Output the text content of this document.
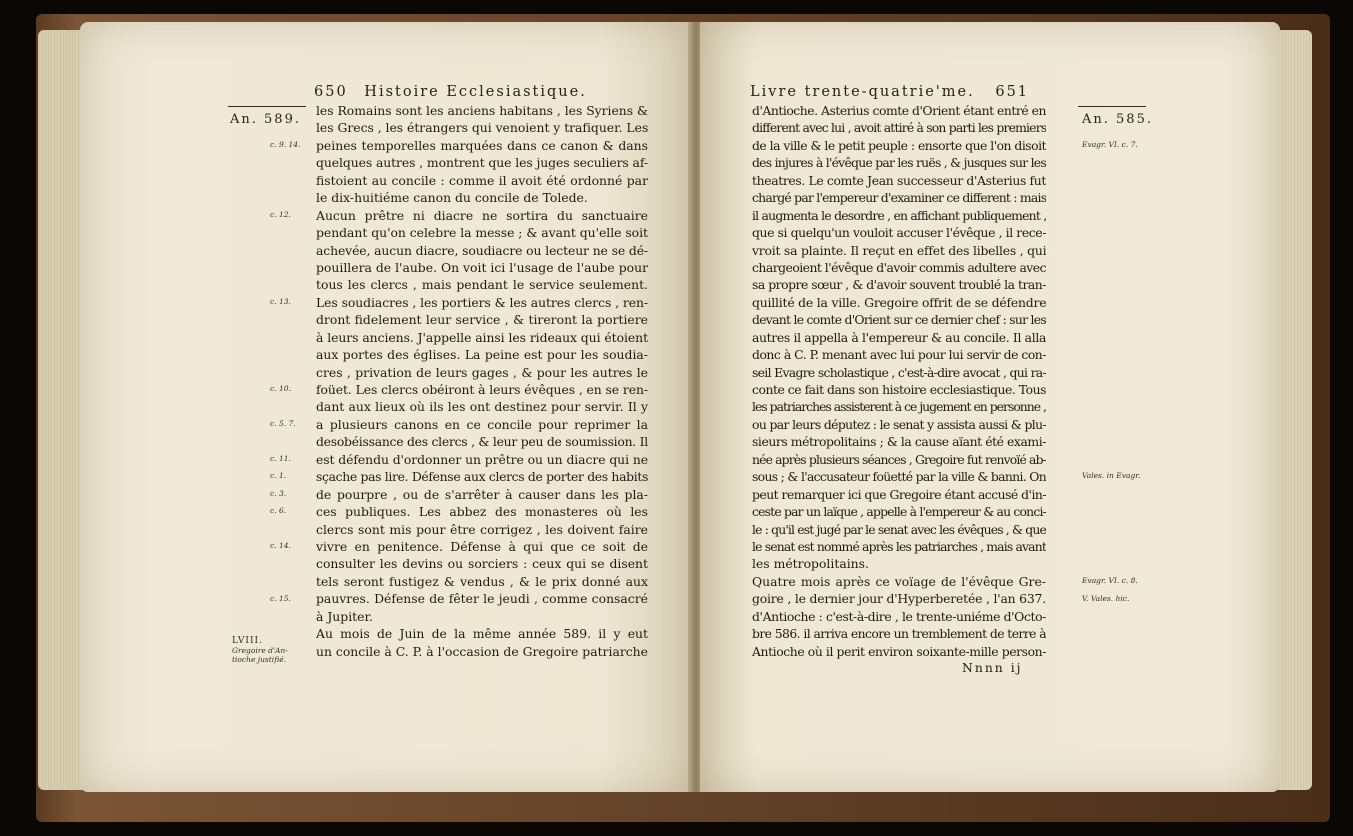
650 Histoire Ecclesiastique.
An. 589.
les Romains sont les anciens habitans , les Syriens &
les Grecs , les étrangers qui venoient y trafiquer. Les
peines temporelles marquées dans ce canon & dans
quelques autres , montrent que les juges seculiers af-
fistoient au concile : comme il avoit été ordonné par
le dix-huitiéme canon du concile de Tolede.
Aucun prêtre ni diacre ne sortira du sanctuaire
pendant qu'on celebre la messe ; & avant qu'elle soit
achevée, aucun diacre, soudiacre ou lecteur ne se dé-
pouillera de l'aube. On voit ici l'usage de l'aube pour
tous les clercs , mais pendant le service seulement.
Les soudiacres , les portiers & les autres clercs , ren-
dront fidelement leur service , & tireront la portiere
à leurs anciens. J'appelle ainsi les rideaux qui étoient
aux portes des églises. La peine est pour les soudia-
cres , privation de leurs gages , & pour les autres le
foüet. Les clercs obéiront à leurs évêques , en se ren-
dant aux lieux où ils les ont destinez pour servir. Il y
a plusieurs canons en ce concile pour reprimer la
desobéissance des clercs , & leur peu de soumission. Il
est défendu d'ordonner un prêtre ou un diacre qui ne
sçache pas lire. Défense aux clercs de porter des habits
de pourpre , ou de s'arrêter à causer dans les pla-
ces publiques. Les abbez des monasteres où les
clercs sont mis pour être corrigez , les doivent faire
vivre en penitence. Défense à qui que ce soit de
consulter les devins ou sorciers : ceux qui se disent
tels seront fustigez & vendus , & le prix donné aux
pauvres. Défense de fêter le jeudi , comme consacré
à Jupiter.
Au mois de Juin de la même année 589. il y eut
un concile à C. P. à l'occasion de Gregoire patriarche
c. 9. 14.
c. 12.
c. 13.
c. 10.
c. 5. 7.
c. 11.
c. 1.
c. 3.
c. 6.
c. 14.
c. 15.
LVIII.
Gregoire d'An-
tioche justifié.
Livre trente-quatrie'me. 651
An. 585.
d'Antioche. Asterius comte d'Orient étant entré en
different avec lui , avoit attiré à son parti les premiers
de la ville & le petit peuple : ensorte que l'on disoit
des injures à l'évêque par les ruës , & jusques sur les
theatres. Le comte Jean successeur d'Asterius fut
chargé par l'empereur d'examiner ce different : mais
il augmenta le desordre , en affichant publiquement ,
que si quelqu'un vouloit accuser l'évêque , il rece-
vroit sa plainte. Il reçut en effet des libelles , qui
chargeoient l'évêque d'avoir commis adultere avec
sa propre sœur , & d'avoir souvent troublé la tran-
quillité de la ville. Gregoire offrit de se défendre
devant le comte d'Orient sur ce dernier chef : sur les
autres il appella à l'empereur & au concile. Il alla
donc à C. P. menant avec lui pour lui servir de con-
seil Evagre scholastique , c'est-à-dire avocat , qui ra-
conte ce fait dans son histoire ecclesiastique. Tous
les patriarches assisterent à ce jugement en personne ,
ou par leurs députez : le senat y assista aussi & plu-
sieurs métropolitains ; & la cause aïant été exami-
née après plusieurs séances , Gregoire fut renvoïé ab-
sous ; & l'accusateur foüetté par la ville & banni. On
peut remarquer ici que Gregoire étant accusé d'in-
ceste par un laïque , appelle à l'empereur & au conci-
le : qu'il est jugé par le senat avec les évêques , & que
le senat est nommé après les patriarches , mais avant
les métropolitains.
Quatre mois après ce voïage de l'évêque Gre-
goire , le dernier jour d'Hyperberetée , l'an 637.
d'Antioche : c'est-à-dire , le trente-uniéme d'Octo-
bre 586. il arriva encore un tremblement de terre à
Antioche où il perit environ soixante-mille person-
Evagr. VI. c. 7.
Vales. in Evagr.
Evagr. VI. c. 8.
V. Vales. hic.
Nnnn ij
